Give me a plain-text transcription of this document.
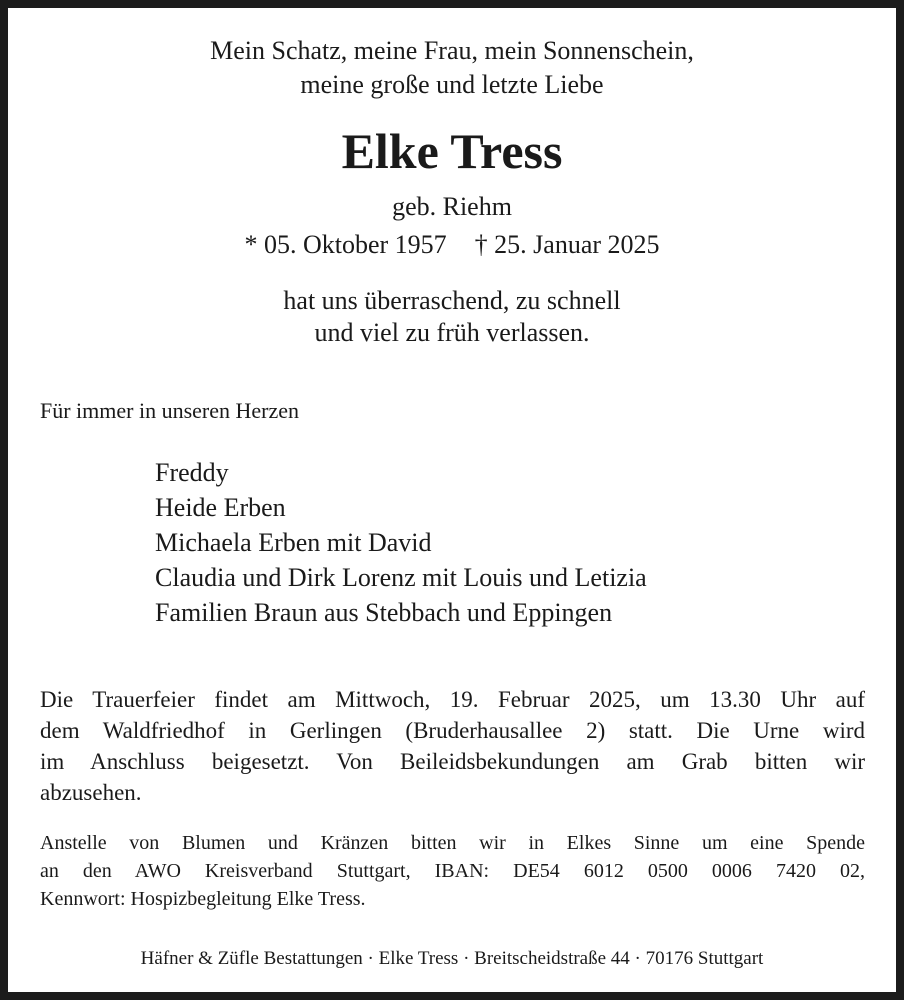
Mein Schatz, meine Frau, mein Sonnenschein,
meine große und letzte Liebe
Elke Tress
geb. Riehm
* 05. Oktober 1957 † 25. Januar 2025
hat uns überraschend, zu schnell
und viel zu früh verlassen.
Für immer in unseren Herzen
Freddy
Heide Erben
Michaela Erben mit David
Claudia und Dirk Lorenz mit Louis und Letizia
Familien Braun aus Stebbach und Eppingen
Die Trauerfeier findet am Mittwoch, 19. Februar 2025, um 13.30 Uhr auf
dem Waldfriedhof in Gerlingen (Bruderhausallee 2) statt. Die Urne wird
im Anschluss beigesetzt. Von Beileidsbekundungen am Grab bitten wir
abzusehen.
Anstelle von Blumen und Kränzen bitten wir in Elkes Sinne um eine Spende
an den AWO Kreisverband Stuttgart, IBAN: DE54 6012 0500 0006 7420 02,
Kennwort: Hospizbegleitung Elke Tress.
Häfner & Züfle Bestattungen · Elke Tress · Breitscheidstraße 44 · 70176 Stuttgart
